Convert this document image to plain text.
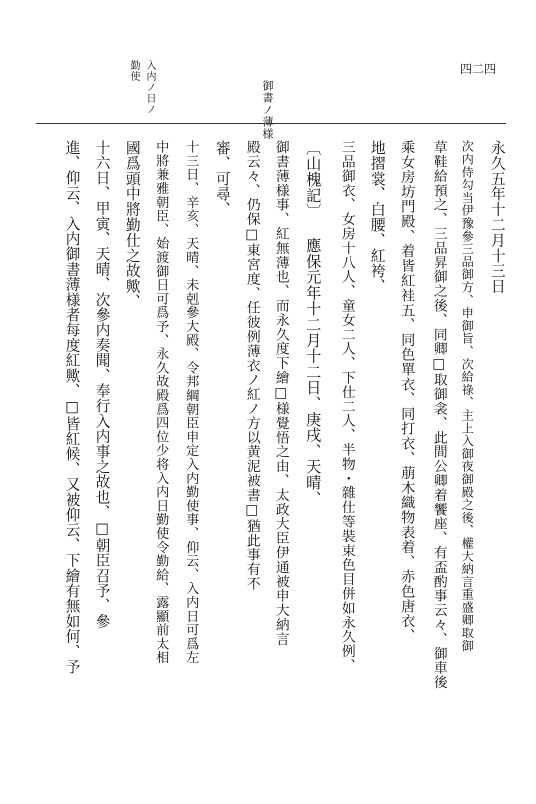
四二四
御書ノ薄様
入内ノ日ノ
勤使
永久五年十二月十三日
次内侍勾当伊豫參三品御方、申御旨、次給祿、主上入御夜御殿之後、權大納言重盛卿取御
草鞋給預之、三品昇御之後、同卿□取御衾、此間公卿着饗座、有盃酌事云々、御車後
乘女房坊門殿、着皆紅袿五、同色單衣、同打衣、萠木織物表着、赤色唐衣、
地摺裳、白腰、紅袴、
三品御衣、女房十八人、童女二人、下仕二人、半物・雜仕等裝束色目併如永久例、
〔山槐記〕 應保元年十二月十二日、庚戌、天晴、
御書薄様事、紅無薄也、而永久度下繪□様覺悟之由、太政大臣伊通被申大納言
殿云々、仍保□東宮度、任彼例薄衣ノ紅ノ方以黄泥被書□猶此事有不
審、可尋、
十三日、辛亥、天晴、未剋參大殿、令邦綱朝臣申定入内勤使事、仰云、入内日可爲左
中將兼雅朝臣、始渡御日可爲予、永久故殿爲四位少将入内日勤使令勤給、露顯前太相
國爲頭中將勤仕之故歟、
十六日、甲寅、天晴、次參内奏聞、奉行入内事之故也、□朝臣召予、參
進、仰云、入内御書薄様者每度紅歟、□皆紅候、又被仰云、下繪有無如何、予
